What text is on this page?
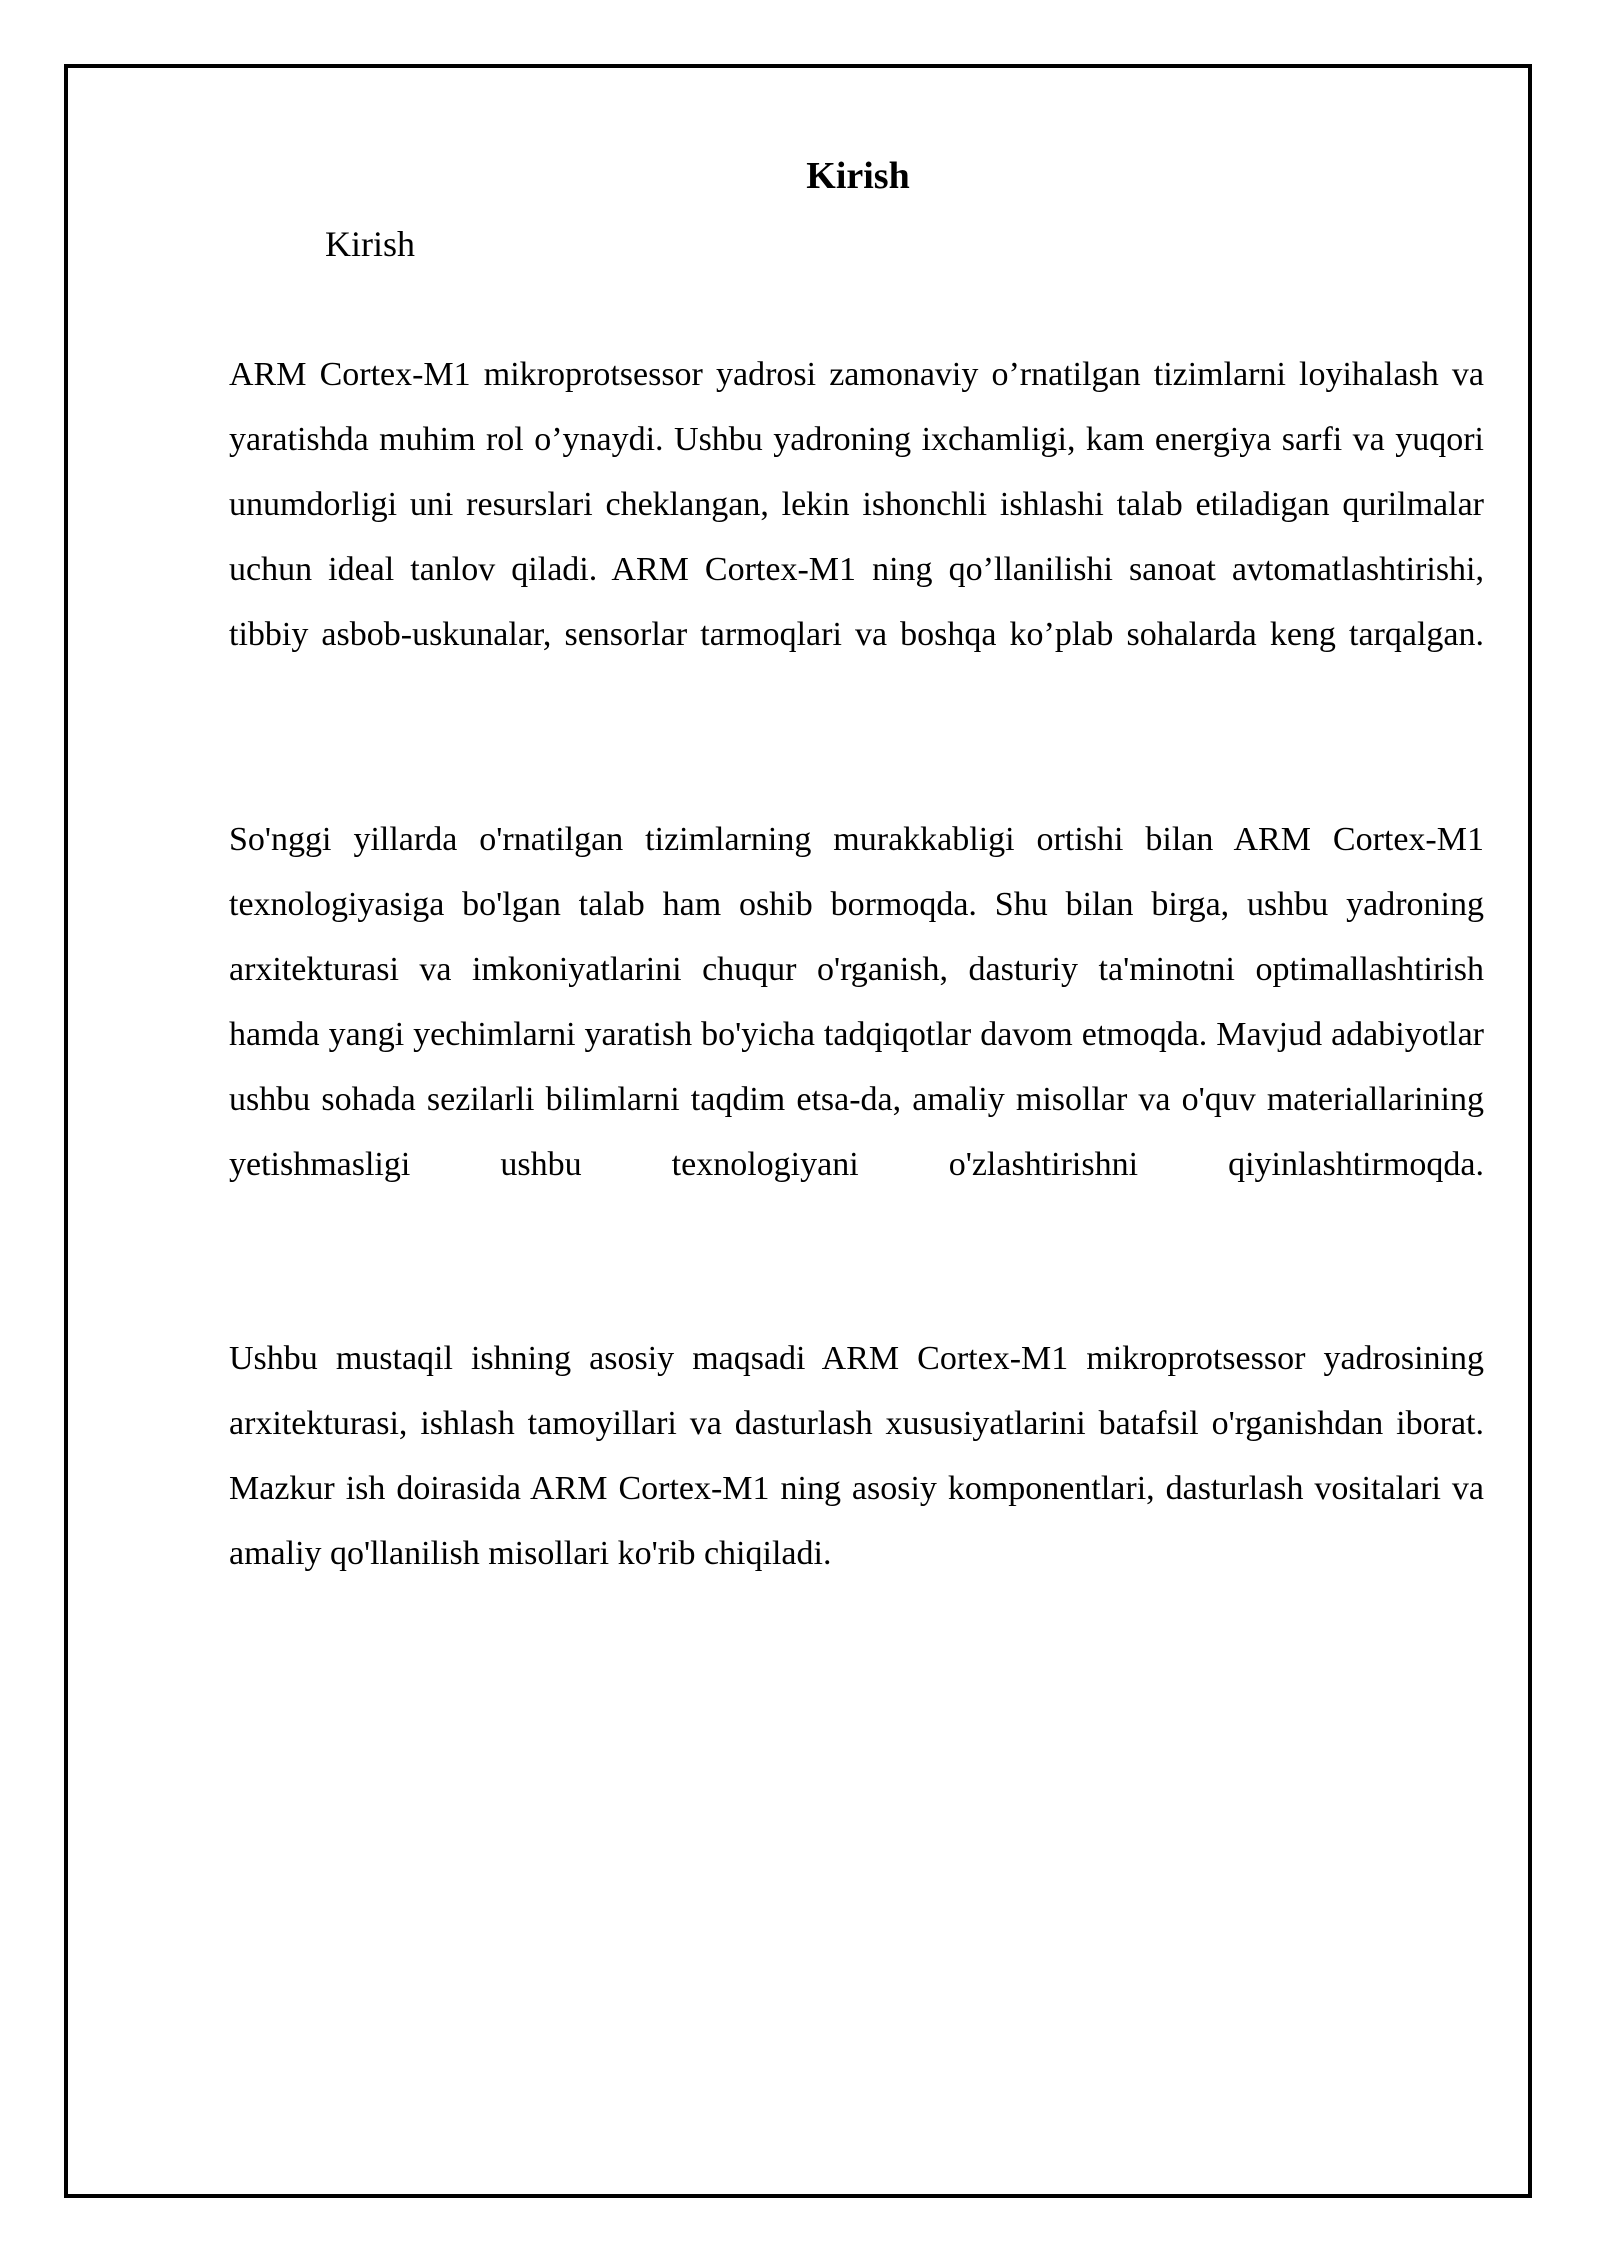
Kirish

Kirish

ARM Cortex-M1 mikroprotsessor yadrosi zamonaviy o’rnatilgan tizimlarni loyihalash va yaratishda muhim rol o’ynaydi. Ushbu yadroning ixchamligi, kam energiya sarfi va yuqori unumdorligi uni resurslari cheklangan, lekin ishonchli ishlashi talab etiladigan qurilmalar uchun ideal tanlov qiladi. ARM Cortex-M1 ning qo’llanilishi sanoat avtomatlashtirishi, tibbiy asbob-uskunalar, sensorlar tarmoqlari va boshqa ko’plab sohalarda keng tarqalgan.

So'nggi yillarda o'rnatilgan tizimlarning murakkabligi ortishi bilan ARM Cortex-M1 texnologiyasiga bo'lgan talab ham oshib bormoqda. Shu bilan birga, ushbu yadroning arxitekturasi va imkoniyatlarini chuqur o'rganish, dasturiy ta'minotni optimallashtirish hamda yangi yechimlarni yaratish bo'yicha tadqiqotlar davom etmoqda. Mavjud adabiyotlar ushbu sohada sezilarli bilimlarni taqdim etsa-da, amaliy misollar va o'quv materiallarining yetishmasligi ushbu texnologiyani o'zlashtirishni qiyinlashtirmoqda.

Ushbu mustaqil ishning asosiy maqsadi ARM Cortex-M1 mikroprotsessor yadrosining arxitekturasi, ishlash tamoyillari va dasturlash xususiyatlarini batafsil o'rganishdan iborat. Mazkur ish doirasida ARM Cortex-M1 ning asosiy komponentlari, dasturlash vositalari va amaliy qo'llanilish misollari ko'rib chiqiladi.
